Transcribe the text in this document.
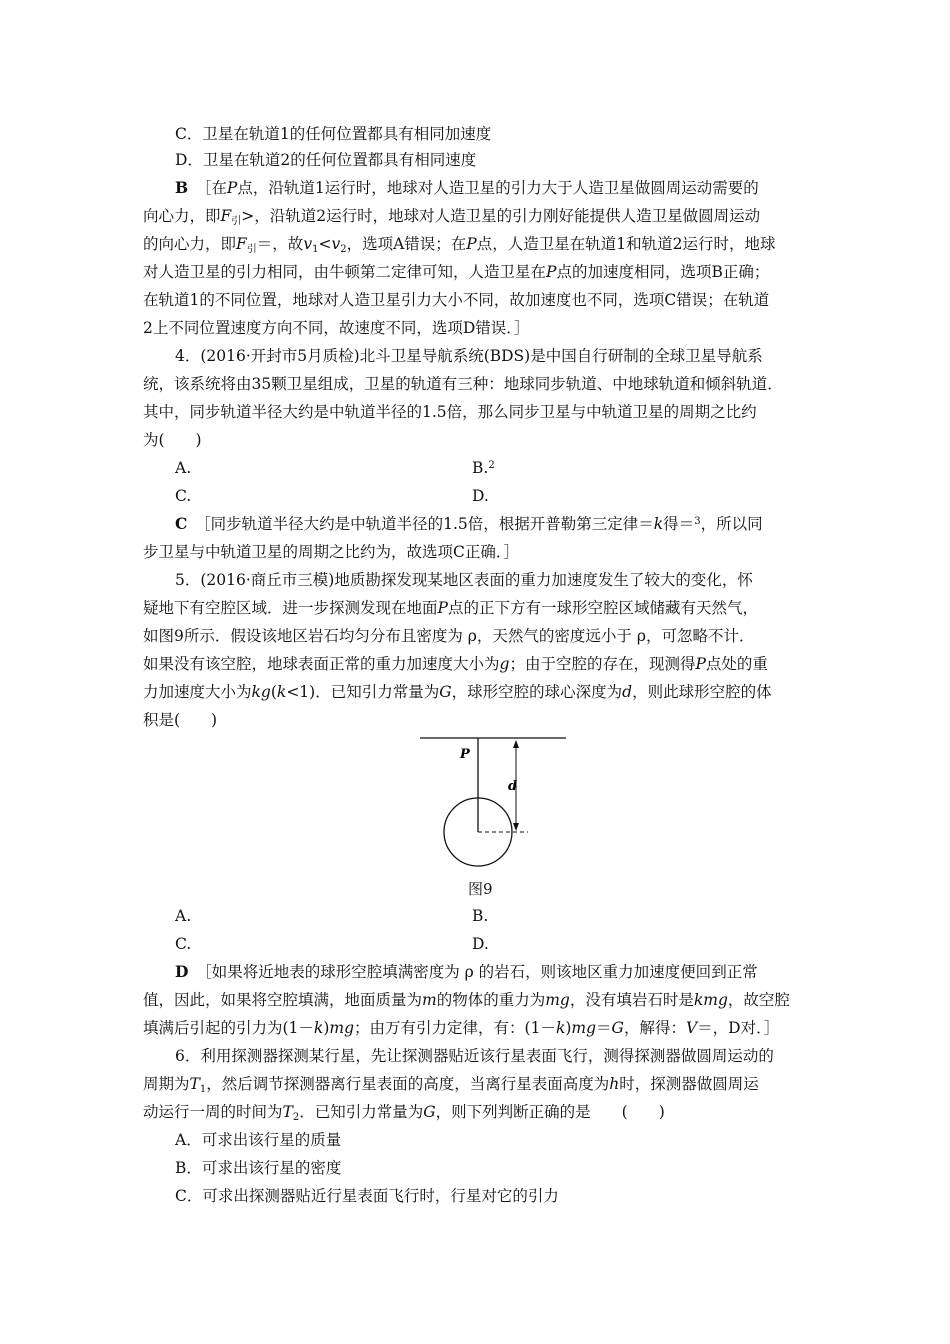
C．卫星在轨道1的任何位置都具有相同加速度
D．卫星在轨道2的任何位置都具有相同速度
B　 ［在P点，沿轨道1运行时，地球对人造卫星的引力大于人造卫星做圆周运动需要的
向心力，即$F_引>$，沿轨道2运行时，地球对人造卫星的引力刚好能提供人造卫星做圆周运动
的向心力，即$F_引=$，故$v_1<v_2$，选项A错误；在P点，人造卫星在轨道1和轨道2运行时，地球
对人造卫星的引力相同，由牛顿第二定律可知，人造卫星在P点的加速度相同，选项B正确；
在轨道1的不同位置，地球对人造卫星引力大小不同，故加速度也不同，选项C错误；在轨道
2上不同位置速度方向不同，故速度不同，选项D错误．］
4．(2016·开封市5月质检)北斗卫星导航系统(BDS)是中国自行研制的全球卫星导航系
统，该系统将由35颗卫星组成，卫星的轨道有三种：地球同步轨道、中地球轨道和倾斜轨道．
其中，同步轨道半径大约是中轨道半径的1.5倍，那么同步卫星与中轨道卫星的周期之比约
为(　　)
A.	B.$^2$
C.	D.
C　 ［同步轨道半径大约是中轨道半径的1.5倍，根据开普勒第三定律＝k得＝$^3$，所以同
步卫星与中轨道卫星的周期之比约为，故选项C正确．］
5．(2016·商丘市三模)地质勘探发现某地区表面的重力加速度发生了较大的变化，怀
疑地下有空腔区域．进一步探测发现在地面P点的正下方有一球形空腔区域储藏有天然气，
如图9所示．假设该地区岩石均匀分布且密度为 ρ，天然气的密度远小于 ρ，可忽略不计．
如果没有该空腔，地球表面正常的重力加速度大小为g；由于空腔的存在，现测得P点处的重
力加速度大小为kg(k<1)．已知引力常量为G，球形空腔的球心深度为d，则此球形空腔的体
积是(　　)
P
d
图9
A.	B.
C.	D.
D　 ［如果将近地表的球形空腔填满密度为 ρ 的岩石，则该地区重力加速度便回到正常
值，因此，如果将空腔填满，地面质量为m的物体的重力为mg，没有填岩石时是kmg，故空腔
填满后引起的引力为(1－k)mg；由万有引力定律，有：(1－k)mg＝G，解得：V＝，D对．］
6．利用探测器探测某行星，先让探测器贴近该行星表面飞行，测得探测器做圆周运动的
周期为$T_1$，然后调节探测器离行星表面的高度，当离行星表面高度为h时，探测器做圆周运
动运行一周的时间为$T_2$．已知引力常量为G，则下列判断正确的是　　(　　)
A．可求出该行星的质量
B．可求出该行星的密度
C．可求出探测器贴近行星表面飞行时，行星对它的引力
